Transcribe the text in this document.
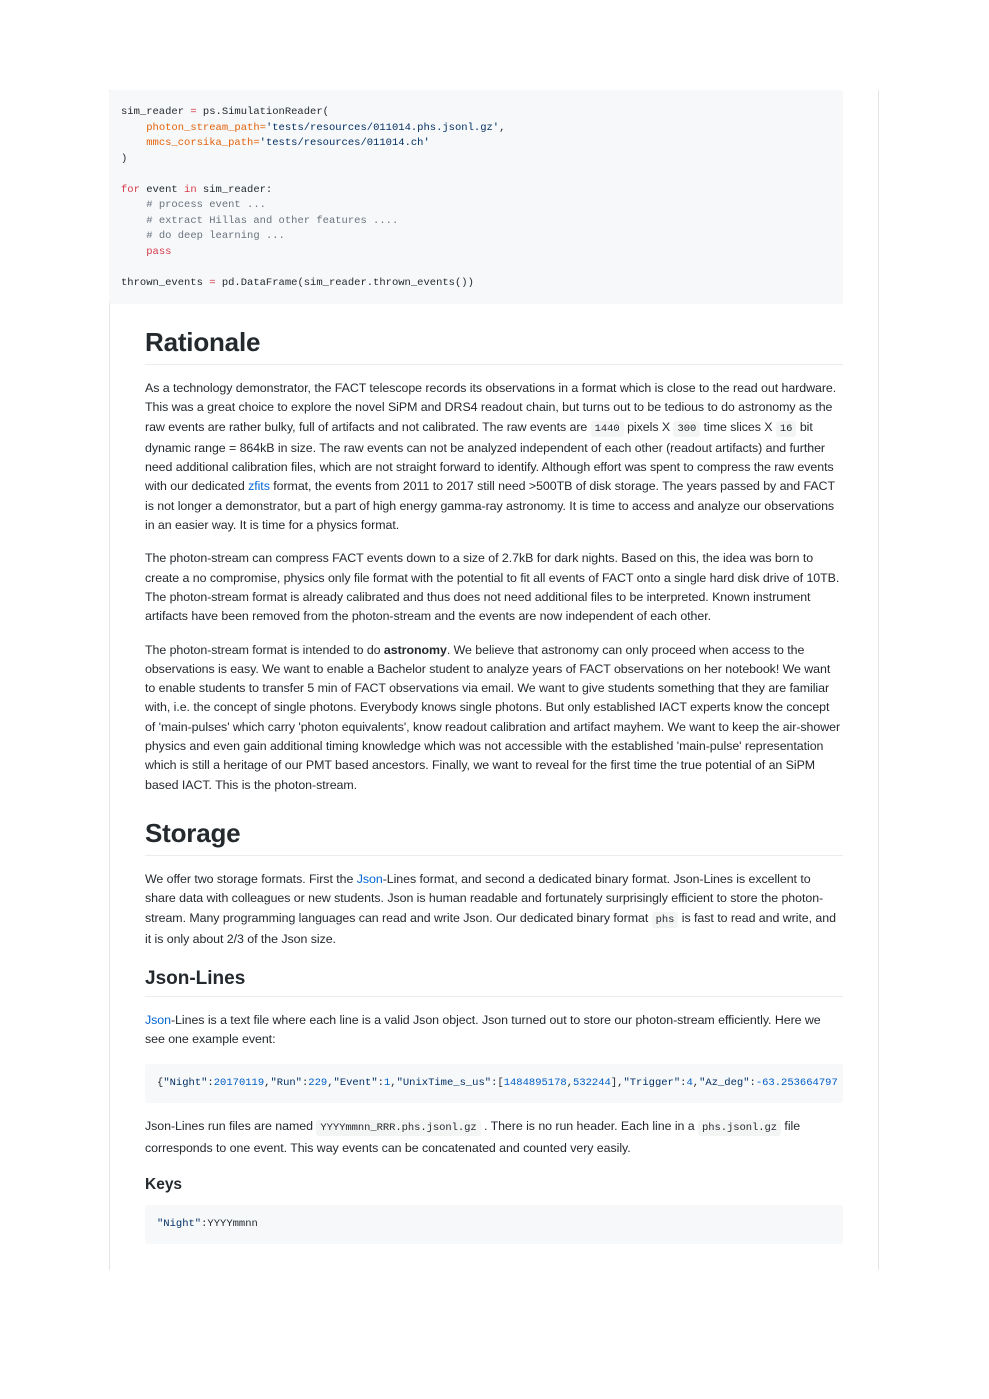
sim_reader = ps.SimulationReader(
photon_stream_path='tests/resources/011014.phs.jsonl.gz',
mmcs_corsika_path='tests/resources/011014.ch'
)

for event in sim_reader:
# process event ...
# extract Hillas and other features ....
# do deep learning ...
pass

thrown_events = pd.DataFrame(sim_reader.thrown_events())
Rationale

As a technology demonstrator, the FACT telescope records its observations in a format which is close to the read out hardware. This was a great choice to explore the novel SiPM and DRS4 readout chain, but turns out to be tedious to do astronomy as the raw events are rather bulky, full of artifacts and not calibrated. The raw events are 1440 pixels X 300 time slices X 16 bit dynamic range = 864kB in size. The raw events can not be analyzed independent of each other (readout artifacts) and further need additional calibration files, which are not straight forward to identify. Although effort was spent to compress the raw events with our dedicated zfits format, the events from 2011 to 2017 still need >500TB of disk storage. The years passed by and FACT is not longer a demonstrator, but a part of high energy gamma-ray astronomy. It is time to access and analyze our observations in an easier way. It is time for a physics format.

The photon-stream can compress FACT events down to a size of 2.7kB for dark nights. Based on this, the idea was born to create a no compromise, physics only file format with the potential to fit all events of FACT onto a single hard disk drive of 10TB. The photon-stream format is already calibrated and thus does not need additional files to be interpreted. Known instrument artifacts have been removed from the photon-stream and the events are now independent of each other.

The photon-stream format is intended to do astronomy. We believe that astronomy can only proceed when access to the observations is easy. We want to enable a Bachelor student to analyze years of FACT observations on her notebook! We want to enable students to transfer 5 min of FACT observations via email. We want to give students something that they are familiar with, i.e. the concept of single photons. Everybody knows single photons. But only established IACT experts know the concept of 'main-pulses' which carry 'photon equivalents', know readout calibration and artifact mayhem. We want to keep the air-shower physics and even gain additional timing knowledge which was not accessible with the established 'main-pulse' representation which is still a heritage of our PMT based ancestors. Finally, we want to reveal for the first time the true potential of an SiPM based IACT. This is the photon-stream.

Storage

We offer two storage formats. First the Json-Lines format, and second a dedicated binary format. Json-Lines is excellent to share data with colleagues or new students. Json is human readable and fortunately surprisingly efficient to store the photon-stream. Many programming languages can read and write Json. Our dedicated binary format phs is fast to read and write, and it is only about 2/3 of the Json size.

Json-Lines

Json-Lines is a text file where each line is a valid Json object. Json turned out to store our photon-stream efficiently. Here we see one example event:

{"Night":20170119,"Run":229,"Event":1,"UnixTime_s_us":[1484895178,532244],"Trigger":4,"Az_deg":-63.253664797

Json-Lines run files are named YYYYmmnn_RRR.phs.jsonl.gz . There is no run header. Each line in a phs.jsonl.gz file corresponds to one event. This way events can be concatenated and counted very easily.

Keys
"Night":YYYYmmnn
